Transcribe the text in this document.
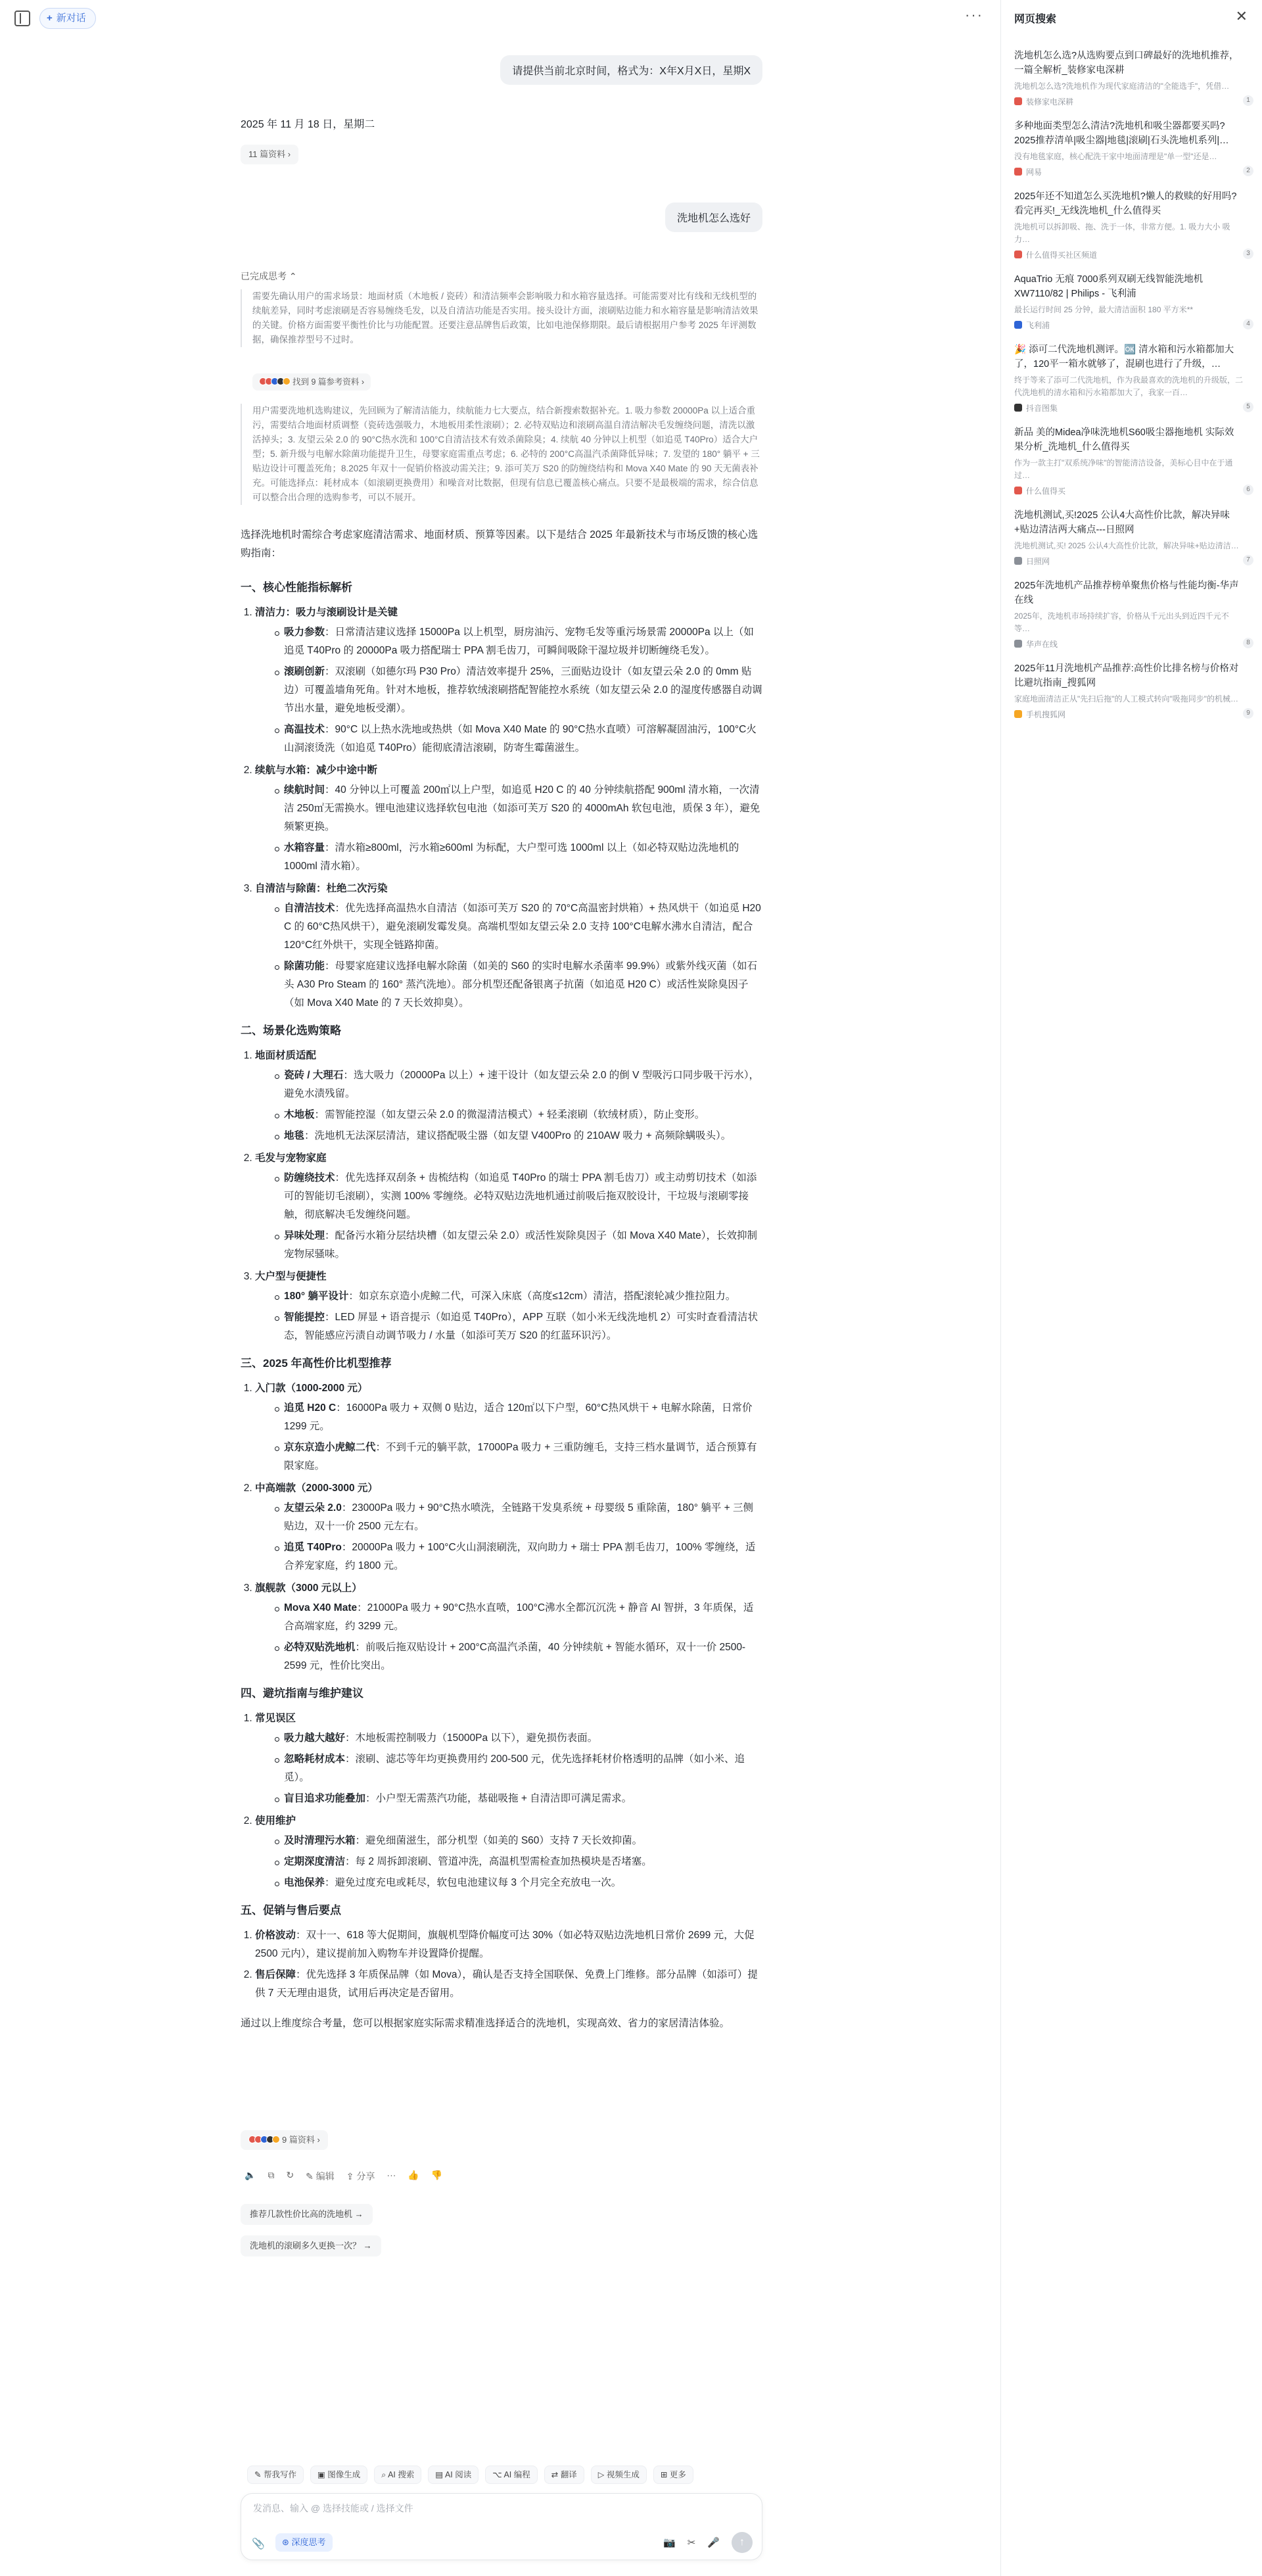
+ 新对话	···
请提供当前北京时间，格式为：X年X月X日，星期X
2025 年 11 月 18 日，星期二
11 篇资料 ›
洗地机怎么选好
已完成思考 ⌃

需要先确认用户的需求场景：地面材质（木地板 / 瓷砖）和清洁频率会影响吸力和水箱容量选择。可能需要对比有线和无线机型的续航差异，同时考虑滚刷是否容易缠绕毛发，以及自清洁功能是否实用。接头设计方面，滚刷贴边能力和水箱容量是影响清洁效果的关键。价格方面需要平衡性价比与功能配置。还要注意品牌售后政策，比如电池保修期限。最后请根据用户参考 2025 年评测数据，确保推荐型号不过时。

找到 9 篇参考资料 ›

用户需要洗地机选购建议，先回顾为了解清洁能力，续航能力七大要点，结合新搜索数据补充。1. 吸力参数 20000Pa 以上适合重污，需要结合地面材质调整（瓷砖选强吸力，木地板用柔性滚刷）；2. 必特双贴边和滚刷高温自清洁解决毛发缠绕问题，清洗以激活掉头；3. 友望云朵 2.0 的 90°C热水洗和 100°C自清洁技术有效杀菌除臭；4. 续航 40 分钟以上机型（如追觅 T40Pro）适合大户型；5. 新升级与电解水除菌功能提升卫生，母婴家庭需重点考虑；6. 必特的 200°C高温汽杀菌降低异味；7. 发望的 180° 躺平 + 三贴边设计可覆盖死角；8.2025 年双十一促销价格波动需关注；9. 添可芙万 S20 的防缠绕结构和 Mova X40 Mate 的 90 天无菌表补充。可能选择点：耗材成本（如滚刷更换费用）和噪音对比数据，但现有信息已覆盖核心痛点。只要不是最极端的需求，综合信息可以整合出合理的选购参考，可以不展开。

选择洗地机时需综合考虑家庭清洁需求、地面材质、预算等因素。以下是结合 2025 年最新技术与市场反馈的核心选购指南：

一、核心性能指标解析
1. 清洁力：吸力与滚刷设计是关键
吸力参数：日常清洁建议选择 15000Pa 以上机型，厨房油污、宠物毛发等重污场景需 20000Pa 以上（如追觅 T40Pro 的 20000Pa 吸力搭配瑞士 PPA 割毛齿刀，可瞬间吸除干湿垃圾并切断缠绕毛发）。
滚刷创新：双滚刷（如德尔玛 P30 Pro）清洁效率提升 25%，三面贴边设计（如友望云朵 2.0 的 0mm 贴边）可覆盖墙角死角。针对木地板，推荐软绒滚刷搭配智能控水系统（如友望云朵 2.0 的湿度传感器自动调节出水量，避免地板受潮）。
高温技术：90°C 以上热水洗地或热烘（如 Mova X40 Mate 的 90°C热水直喷）可溶解凝固油污，100°C火山洞滚烫洗（如追觅 T40Pro）能彻底清洁滚刷，防寄生霉菌滋生。
2. 续航与水箱：减少中途中断
续航时间：40 分钟以上可覆盖 200㎡以上户型，如追觅 H20 C 的 40 分钟续航搭配 900ml 清水箱，一次清洁 250㎡无需换水。锂电池建议选择软包电池（如添可芙万 S20 的 4000mAh 软包电池，质保 3 年），避免频繁更换。
水箱容量：清水箱≥800ml，污水箱≥600ml 为标配，大户型可选 1000ml 以上（如必特双贴边洗地机的 1000ml 清水箱）。
3. 自清洁与除菌：杜绝二次污染
自清洁技术：优先选择高温热水自清洁（如添可芙万 S20 的 70°C高温密封烘箱）+ 热风烘干（如追觅 H20 C 的 60°C热风烘干），避免滚刷发霉发臭。高端机型如友望云朵 2.0 支持 100°C电解水沸水自清洁，配合 120°C红外烘干，实现全链路抑菌。
除菌功能：母婴家庭建议选择电解水除菌（如美的 S60 的实时电解水杀菌率 99.9%）或紫外线灭菌（如石头 A30 Pro Steam 的 160° 蒸汽洗地）。部分机型还配备银离子抗菌（如追觅 H20 C）或活性炭除臭因子（如 Mova X40 Mate 的 7 天长效抑臭）。
二、场景化选购策略
1. 地面材质适配
瓷砖 / 大理石：选大吸力（20000Pa 以上）+ 速干设计（如友望云朵 2.0 的倒 V 型吸污口同步吸干污水），避免水渍残留。
木地板：需智能控湿（如友望云朵 2.0 的微湿清洁模式）+ 轻柔滚刷（软绒材质），防止变形。
地毯：洗地机无法深层清洁，建议搭配吸尘器（如友望 V400Pro 的 210AW 吸力 + 高频除螨吸头）。
2. 毛发与宠物家庭
防缠绕技术：优先选择双刮条 + 齿梳结构（如追觅 T40Pro 的瑞士 PPA 割毛齿刀）或主动剪切技术（如添可的智能切毛滚刷），实测 100% 零缠绕。必特双贴边洗地机通过前吸后拖双胶设计，干垃圾与滚刷零接触，彻底解决毛发缠绕问题。
异味处理：配备污水箱分层结块槽（如友望云朵 2.0）或活性炭除臭因子（如 Mova X40 Mate），长效抑制宠物尿骚味。
3. 大户型与便捷性
180° 躺平设计：如京东京造小虎鲸二代，可深入床底（高度≤12cm）清洁，搭配滚轮减少推拉阻力。
智能提控：LED 屏显 + 语音提示（如追觅 T40Pro），APP 互联（如小米无线洗地机 2）可实时查看清洁状态，智能感应污渍自动调节吸力 / 水量（如添可芙万 S20 的红蓝环识污）。
三、2025 年高性价比机型推荐
1. 入门款（1000-2000 元）
追觅 H20 C：16000Pa 吸力 + 双侧 0 贴边，适合 120㎡以下户型，60°C热风烘干 + 电解水除菌，日常价 1299 元。
京东京造小虎鲸二代：不到千元的躺平款，17000Pa 吸力 + 三重防缠毛，支持三档水量调节，适合预算有限家庭。
2. 中高端款（2000-3000 元）
友望云朵 2.0：23000Pa 吸力 + 90°C热水喷洗，全链路干发臭系统 + 母婴级 5 重除菌，180° 躺平 + 三侧贴边，双十一价 2500 元左右。
追觅 T40Pro：20000Pa 吸力 + 100°C火山洞滚刷洗，双向助力 + 瑞士 PPA 割毛齿刀，100% 零缠绕，适合养宠家庭，约 1800 元。
3. 旗舰款（3000 元以上）
Mova X40 Mate：21000Pa 吸力 + 90°C热水直喷，100°C沸水全都沉沉洗 + 静音 AI 智拼，3 年质保，适合高端家庭，约 3299 元。
必特双贴洗地机：前吸后拖双贴设计 + 200°C高温汽杀菌，40 分钟续航 + 智能水循环，双十一价 2500-2599 元，性价比突出。
四、避坑指南与维护建议
1. 常见误区
吸力越大越好：木地板需控制吸力（15000Pa 以下），避免损伤表面。
忽略耗材成本：滚刷、滤芯等年均更换费用约 200-500 元，优先选择耗材价格透明的品牌（如小米、追觅）。
盲目追求功能叠加：小户型无需蒸汽功能，基础吸拖 + 自清洁即可满足需求。
2. 使用维护
及时清理污水箱：避免细菌滋生，部分机型（如美的 S60）支持 7 天长效抑菌。
定期深度清洁：每 2 周拆卸滚刷、管道冲洗，高温机型需检查加热模块是否堵塞。
电池保养：避免过度充电或耗尽，软包电池建议每 3 个月完全充放电一次。
五、促销与售后要点
1. 价格波动：双十一、618 等大促期间，旗舰机型降价幅度可达 30%（如必特双贴边洗地机日常价 2699 元，大促 2500 元内），建议提前加入购物车并设置降价提醒。
2. 售后保障：优先选择 3 年质保品牌（如 Mova），确认是否支持全国联保、免费上门维修。部分品牌（如添可）提供 7 天无理由退货，试用后再决定是否留用。

通过以上维度综合考量，您可以根据家庭实际需求精准选择适合的洗地机，实现高效、省力的家居清洁体验。

9 篇资料 ›
🔈 ⧉ ↻ ✎ 编辑 ⇪ 分享 ··· 👍 👎
推荐几款性价比高的洗地机 →
洗地机的滚刷多久更换一次？ →
✎ 帮我写作	▣ 图像生成	⌕ AI 搜索	▤ AI 阅读	⌥ AI 编程	⇄ 翻译	▷ 视频生成	⊞ 更多
发消息、输入 @ 选择技能或 / 选择文件
📎	⊛ 深度思考	📷 ✂ 🎤	↑
网页搜索	✕
洗地机怎么选?从选购要点到口碑最好的洗地机推荐，一篇全解析_装修家电深耕
洗地机怎么选?洗地机作为现代家庭清洁的"全能选手"，凭借…
装修家电深耕	1
多种地面类型怎么清洁?洗地机和吸尘器都要买吗?2025推荐清单|吸尘器|地毯|滚刷|石头洗地机系列|…
没有地毯家庭，核心配洗干家中地面清理是"单一型"还是…
网易	2
2025年还不知道怎么买洗地机?懒人的救赎的好用吗?看完再买!_无线洗地机_什么值得买
洗地机可以拆卸吸、拖、洗于一体，非常方便。1. 吸力大小 吸力…
什么值得买社区频道	3
AquaTrio 无痕 7000系列双刷无线智能洗地机 XW7110/82 | Philips - 飞利浦
最长运行时间 25 分钟，最大清洁面积 180 平方米**
飞利浦	4
🎉 添可二代洗地机测评。🆗 清水箱和污水箱都加大了，120平一箱水就够了，混刷也进行了升级，…
终于等来了添可二代洗地机，作为我最喜欢的洗地机的升级版，二代洗地机的清水箱和污水箱都加大了，我家一百…
抖音图集	5
新品 美的Midea净味洗地机S60吸尘器拖地机 实际效果分析_洗地机_什么值得买
作为一款主打"双系统净味"的智能清洁设备，美标心目中在于通过…
什么值得买	6
洗地机测试,买!2025 公认4大高性价比款，解决异味+贴边清洁两大痛点---日照网
洗地机测试,买! 2025 公认4大高性价比款，解决异味+贴边清洁…
日照网	7
2025年洗地机产品推荐榜单聚焦价格与性能均衡-华声在线
2025年，洗地机市场持续扩容，价格从千元出头到近四千元不等…
华声在线	8
2025年11月洗地机产品推荐:高性价比排名榜与价格对比避坑指南_搜狐网
家庭地面清洁正从"先扫后拖"的人工模式转向"吸拖同步"的机械…
手机搜狐网	9
